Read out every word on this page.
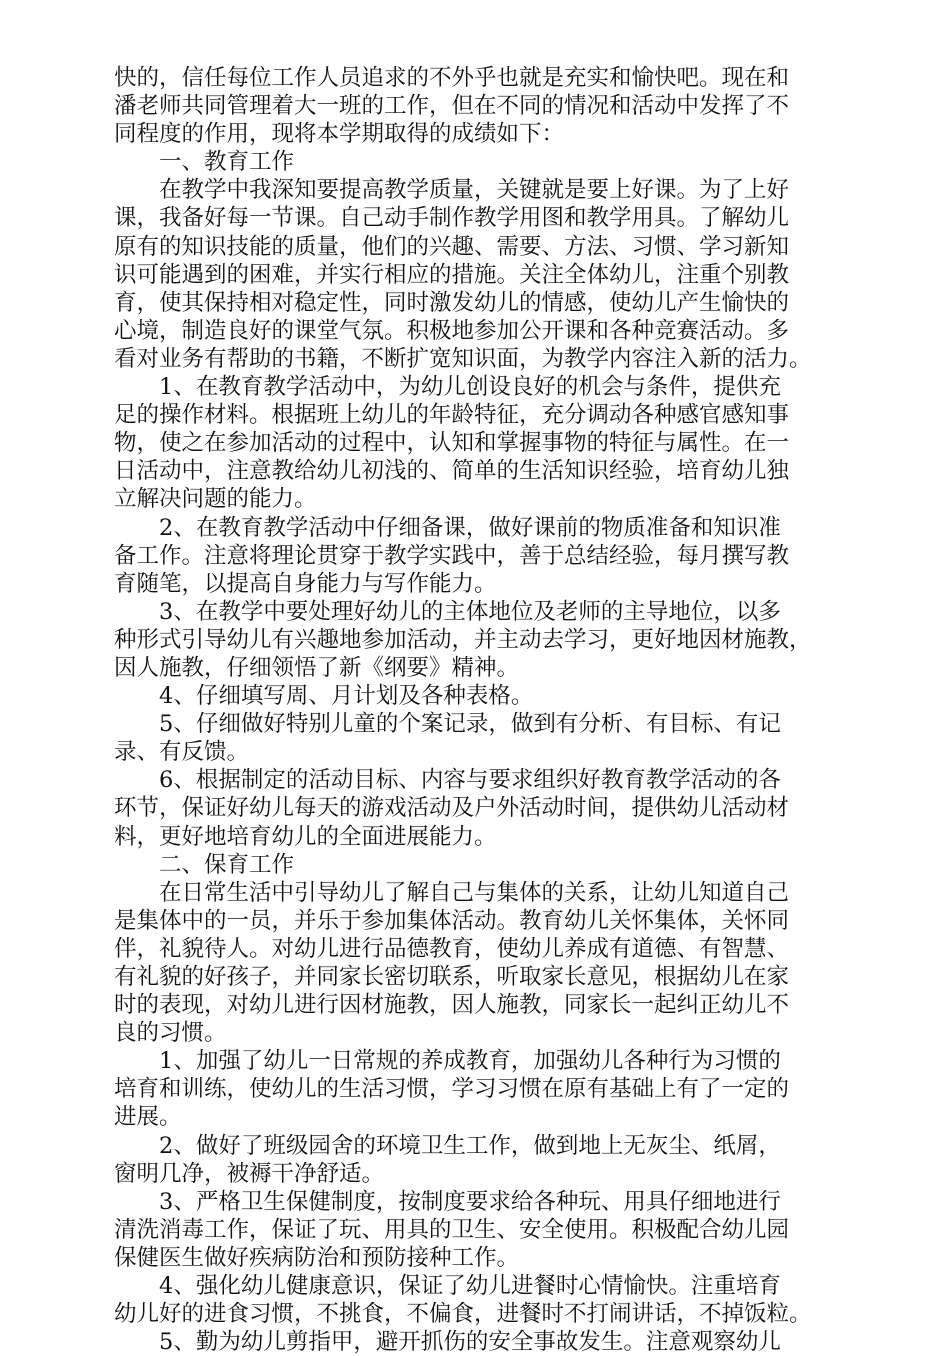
快的，信任每位工作人员追求的不外乎也就是充实和愉快吧。现在和
潘老师共同管理着大一班的工作，但在不同的情况和活动中发挥了不
同程度的作用，现将本学期取得的成绩如下：
　　一、教育工作
　　在教学中我深知要提高教学质量，关键就是要上好课。为了上好
课，我备好每一节课。自己动手制作教学用图和教学用具。了解幼儿
原有的知识技能的质量，他们的兴趣、需要、方法、习惯、学习新知
识可能遇到的困难，并实行相应的措施。关注全体幼儿，注重个别教
育，使其保持相对稳定性，同时激发幼儿的情感，使幼儿产生愉快的
心境，制造良好的课堂气氛。积极地参加公开课和各种竞赛活动。多
看对业务有帮助的书籍，不断扩宽知识面，为教学内容注入新的活力。
　　1、在教育教学活动中，为幼儿创设良好的机会与条件，提供充
足的操作材料。根据班上幼儿的年龄特征，充分调动各种感官感知事
物，使之在参加活动的过程中，认知和掌握事物的特征与属性。在一
日活动中，注意教给幼儿初浅的、简单的生活知识经验，培育幼儿独
立解决问题的能力。
　　2、在教育教学活动中仔细备课，做好课前的物质准备和知识准
备工作。注意将理论贯穿于教学实践中，善于总结经验，每月撰写教
育随笔，以提高自身能力与写作能力。
　　3、在教学中要处理好幼儿的主体地位及老师的主导地位，以多
种形式引导幼儿有兴趣地参加活动，并主动去学习，更好地因材施教，
因人施教，仔细领悟了新《纲要》精神。
　　4、仔细填写周、月计划及各种表格。
　　5、仔细做好特别儿童的个案记录，做到有分析、有目标、有记
录、有反馈。
　　6、根据制定的活动目标、内容与要求组织好教育教学活动的各
环节，保证好幼儿每天的游戏活动及户外活动时间，提供幼儿活动材
料，更好地培育幼儿的全面进展能力。
　　二、保育工作
　　在日常生活中引导幼儿了解自己与集体的关系，让幼儿知道自己
是集体中的一员，并乐于参加集体活动。教育幼儿关怀集体，关怀同
伴，礼貌待人。对幼儿进行品德教育，使幼儿养成有道德、有智慧、
有礼貌的好孩子，并同家长密切联系，听取家长意见，根据幼儿在家
时的表现，对幼儿进行因材施教，因人施教，同家长一起纠正幼儿不
良的习惯。
　　1、加强了幼儿一日常规的养成教育，加强幼儿各种行为习惯的
培育和训练，使幼儿的生活习惯，学习习惯在原有基础上有了一定的
进展。
　　2、做好了班级园舍的环境卫生工作，做到地上无灰尘、纸屑，
窗明几净，被褥干净舒适。
　　3、严格卫生保健制度，按制度要求给各种玩、用具仔细地进行
清洗消毒工作，保证了玩、用具的卫生、安全使用。积极配合幼儿园
保健医生做好疾病防治和预防接种工作。
　　4、强化幼儿健康意识，保证了幼儿进餐时心情愉快。注重培育
幼儿好的进食习惯，不挑食，不偏食，进餐时不打闹讲话，不掉饭粒。
　　5、勤为幼儿剪指甲，避开抓伤的安全事故发生。注意观察幼儿
